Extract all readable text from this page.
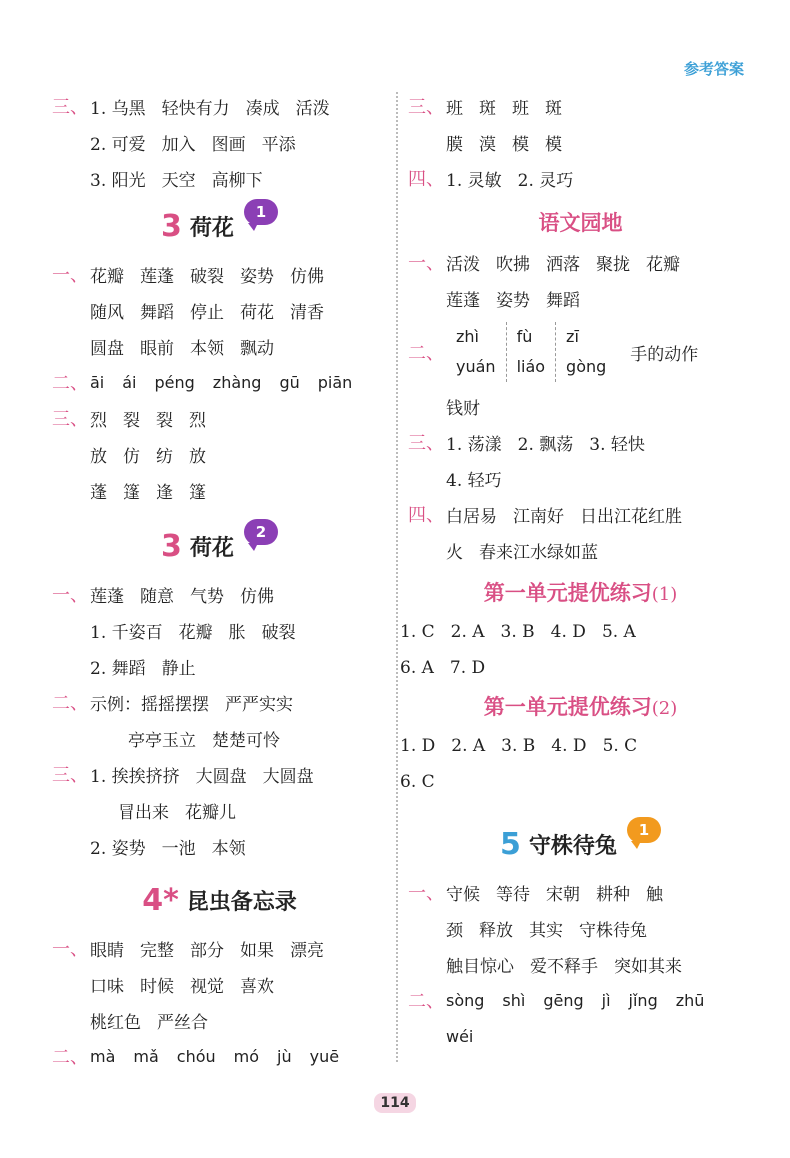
参考答案
三、 1. 乌黑 轻快有力 凑成 活泼
2. 可爱 加入 图画 平添
3. 阳光 天空 高柳下
3 荷花
1
一、 花瓣 莲蓬 破裂 姿势 仿佛
随风 舞蹈 停止 荷花 清香
圆盘 眼前 本领 飘动
二、 āi ái péng zhàng gū piān
三、 烈 裂 裂 烈
放 仿 纺 放
蓬 篷 逢 篷
3 荷花
2
一、 莲蓬 随意 气势 仿佛
1. 千姿百 花瓣 胀 破裂
2. 舞蹈 静止
二、 示例：摇摇摆摆 严严实实
亭亭玉立 楚楚可怜
三、 1. 挨挨挤挤 大圆盘 大圆盘
冒出来 花瓣儿
2. 姿势 一池 本领
4* 昆虫备忘录
一、 眼睛 完整 部分 如果 漂亮
口味 时候 视觉 喜欢
桃红色 严丝合
二、 mà mǎ chóu mó jù yuē
三、 班 斑 班 斑
膜 漠 模 模
四、 1. 灵敏 2. 灵巧
语文园地
一、 活泼 吹拂 洒落 聚拢 花瓣
莲蓬 姿势 舞蹈
二、
zhì
yuán
fù
liáo
zī
gòng
手的动作
钱财
三、 1. 荡漾 2. 飘荡 3. 轻快
4. 轻巧
四、 白居易 江南好 日出江花红胜
火 春来江水绿如蓝
第一单元提优练习(1)
1. C 2. A 3. B 4. D 5. A
6. A 7. D
第一单元提优练习(2)
1. D 2. A 3. B 4. D 5. C
6. C
5 守株待兔
1
一、 守候 等待 宋朝 耕种 触
颈 释放 其实 守株待兔
触目惊心 爱不释手 突如其来
二、 sòng shì gēng jì jǐng zhū
wéi
114
